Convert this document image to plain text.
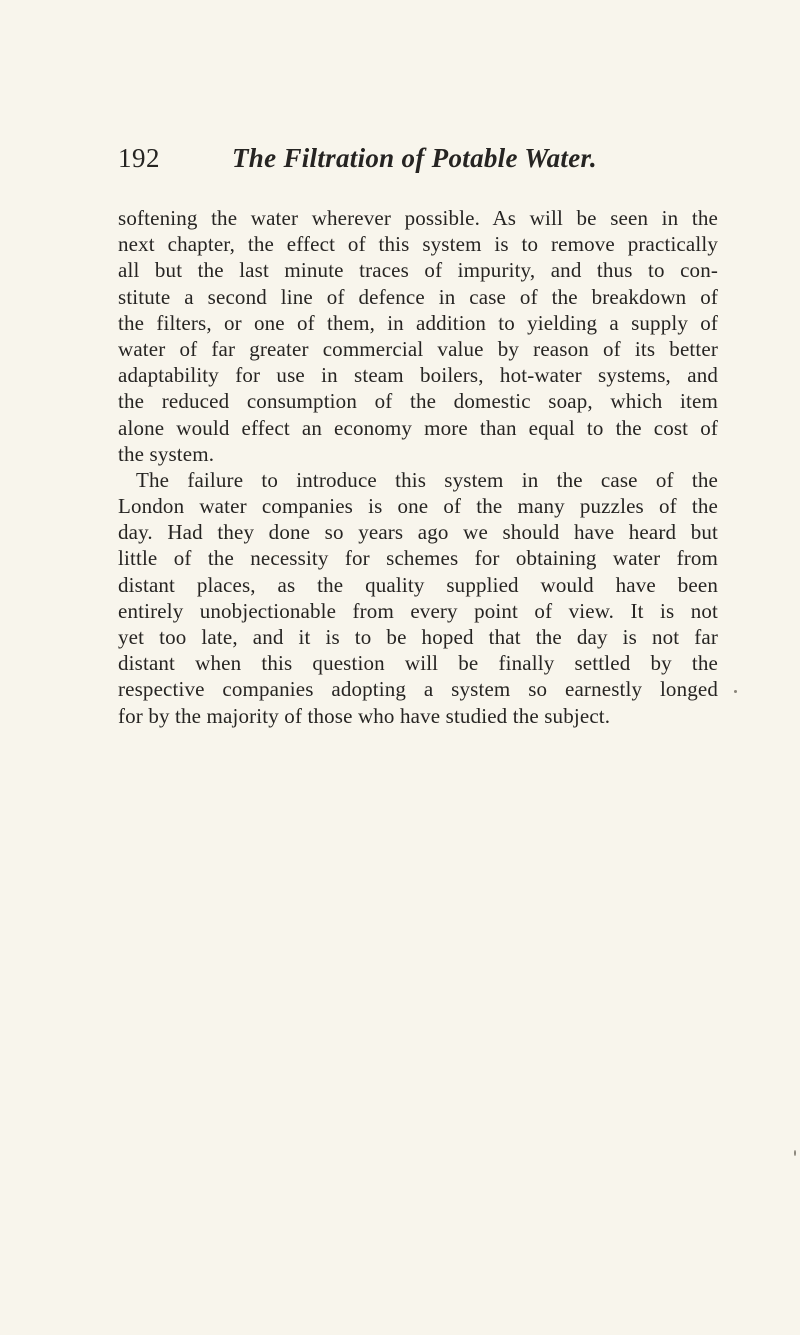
192	The Filtration of Potable Water.
softening the water wherever possible. As will be seen in the
next chapter, the effect of this system is to remove practically
all but the last minute traces of impurity, and thus to con-
stitute a second line of defence in case of the breakdown of
the filters, or one of them, in addition to yielding a supply of
water of far greater commercial value by reason of its better
adaptability for use in steam boilers, hot-water systems, and
the reduced consumption of the domestic soap, which item
alone would effect an economy more than equal to the cost of
the system.
The failure to introduce this system in the case of the
London water companies is one of the many puzzles of the
day. Had they done so years ago we should have heard but
little of the necessity for schemes for obtaining water from
distant places, as the quality supplied would have been
entirely unobjectionable from every point of view. It is not
yet too late, and it is to be hoped that the day is not far
distant when this question will be finally settled by the
respective companies adopting a system so earnestly longed
for by the majority of those who have studied the subject.
